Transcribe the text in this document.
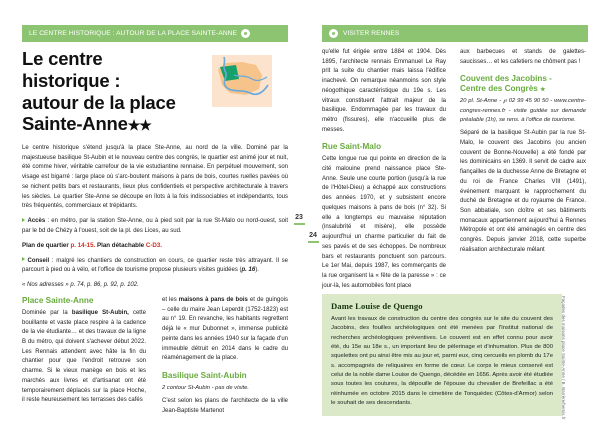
LE CENTRE HISTORIQUE : AUTOUR DE LA PLACE SAINTE-ANNE	VISITER RENNES
Le centre
historique :
autour de la place
Sainte-Anne★★

Le centre historique s'étend jusqu'à la place Ste-Anne, au nord de la ville. Dominé par la majestueuse basilique St-Aubin et le nouveau centre des congrès, le quartier est animé jour et nuit, été comme hiver, véritable carrefour de la vie estudiantine rennaise. En perpétuel mouvement, son visage est bigarré : large place où s'arc-boutent maisons à pans de bois, courtes ruelles pavées où se nichent petits bars et restaurants, lieux plus confidentiels et perspective architecturale à travers les siècles. Le quartier Ste-Anne se découpe en îlots à la fois indissociables et indépendants, tous très fréquentés, commerciaux et trépidants.

Accès : en métro, par la station Ste-Anne, ou à pied soit par la rue St-Malo ou nord-ouest, soit par le bd de Chézy à l'ouest, soit de la pl. des Lices, au sud.

Plan de quartier p. 14-15. Plan détachable C-D3.

Conseil : malgré les chantiers de construction en cours, ce quartier reste très attrayant. Il se parcourt à pied ou à vélo, et l'office de tourisme propose plusieurs visites guidées (p. 16).

« Nos adresses » p. 74, p. 86, p. 92, p. 102.

23
24
Place Sainte-Anne

Dominée par la basilique St-Aubin, cette bouillante et vaste place respire à la cadence de la vie étudiante… et des travaux de la ligne B du métro, qui doivent s'achever début 2022. Les Rennais attendent avec hâte la fin du chantier pour que l'endroit retrouve son charme. Si le vieux manège en bois et les marchés aux livres et d'artisanat ont été temporairement déplacés sur la place Hoche, il reste heureusement les terrasses des cafés

et les maisons à pans de bois et de guingois – celle du maire Jean Leperdit (1752-1823) est au n° 19. En revanche, les habitants regrettent déjà le « mur Dubonnet », immense publicité peinte dans les années 1940 sur la façade d'un immeuble détruit en 2014 dans le cadre du réaménagement de la place.

Basilique Saint-Aubin

2 contour St-Aubin - pas de visite.

C'est selon les plans de l'architecte de la ville Jean-Baptiste Martenot

qu'elle fut érigée entre 1884 et 1904. Dès 1895, l'architecte rennais Emmanuel Le Ray prit la suite du chantier mais laissa l'édifice inachevé. On remarque néanmoins son style néogothique caractéristique du 19e s. Les vitraux constituent l'attrait majeur de la basilique. Endommagée par les travaux du métro (fissures), elle n'accueille plus de messes.

Rue Saint-Malo

Cette longue rue qui pointe en direction de la cité malouine prend naissance place Ste-Anne. Seule une courte portion (jusqu'à la rue de l'Hôtel-Dieu) a échappé aux constructions des années 1970, et y subsistent encore quelques maisons à pans de bois (n° 32). Si elle a longtemps eu mauvaise réputation (insalubrité et misère), elle possède aujourd'hui un charme particulier du fait de ses pavés et de ses échoppes. De nombreux bars et restaurants ponctuent son parcours. Le 1er Mai, depuis 1987, les commerçants de la rue organisent la « fête de la paresse » : ce jour-là, les automobiles font place

aux barbecues et stands de galettes-saucisses… et les cafetiers ne chôment pas !

Couvent des Jacobins -
Centre des Congrès ★

20 pl. St-Anne - ℘ 02 99 45 90 50 - www.centre-congres-rennes.fr - visite guidée sur demande préalable (1h), se rens. à l'office de tourisme.

Séparé de la basilique St-Aubin par la rue St-Malo, le couvent des Jacobins (ou ancien couvent de Bonne-Nouvelle) a été fondé par les dominicains en 1369. Il servit de cadre aux fiançailles de la duchesse Anne de Bretagne et du roi de France Charles VIII (1491), événement marquant le rapprochement du duché de Bretagne et du royaume de France. Son abbatiale, son cloître et ses bâtiments monacaux appartiennent aujourd'hui à Rennes Métropole et ont été aménagés en centre des congrès. Depuis janvier 2018, cette superbe réalisation architecturale mêlant

Dame Louise de Quengo

Avant les travaux de construction du centre des congrès sur le site du couvent des Jacobins, des fouilles archéologiques ont été menées par l'Institut national de recherches archéologiques préventives. Le couvent est en effet connu pour avoir été, du 15e au 18e s., un important lieu de pèlerinage et d'inhumation. Plus de 800 squelettes ont pu ainsi être mis au jour et, parmi eux, cinq cercueils en plomb du 17e s. accompagnés de reliquaires en forme de cœur. Le corps le mieux conservé est celui de la noble dame Louise de Quengo, décédée en 1656. Après avoir été étudiée sous toutes les coutures, la dépouille de l'épouse du chevalier de Brefeillac a été réinhumée en octobre 2015 dans le cimetière de Tonquédec (Côtes-d'Armor) selon le souhait de ses descendants.	Façades des maisons place Sainte-Anne / B. Barrère/hemis.fr
